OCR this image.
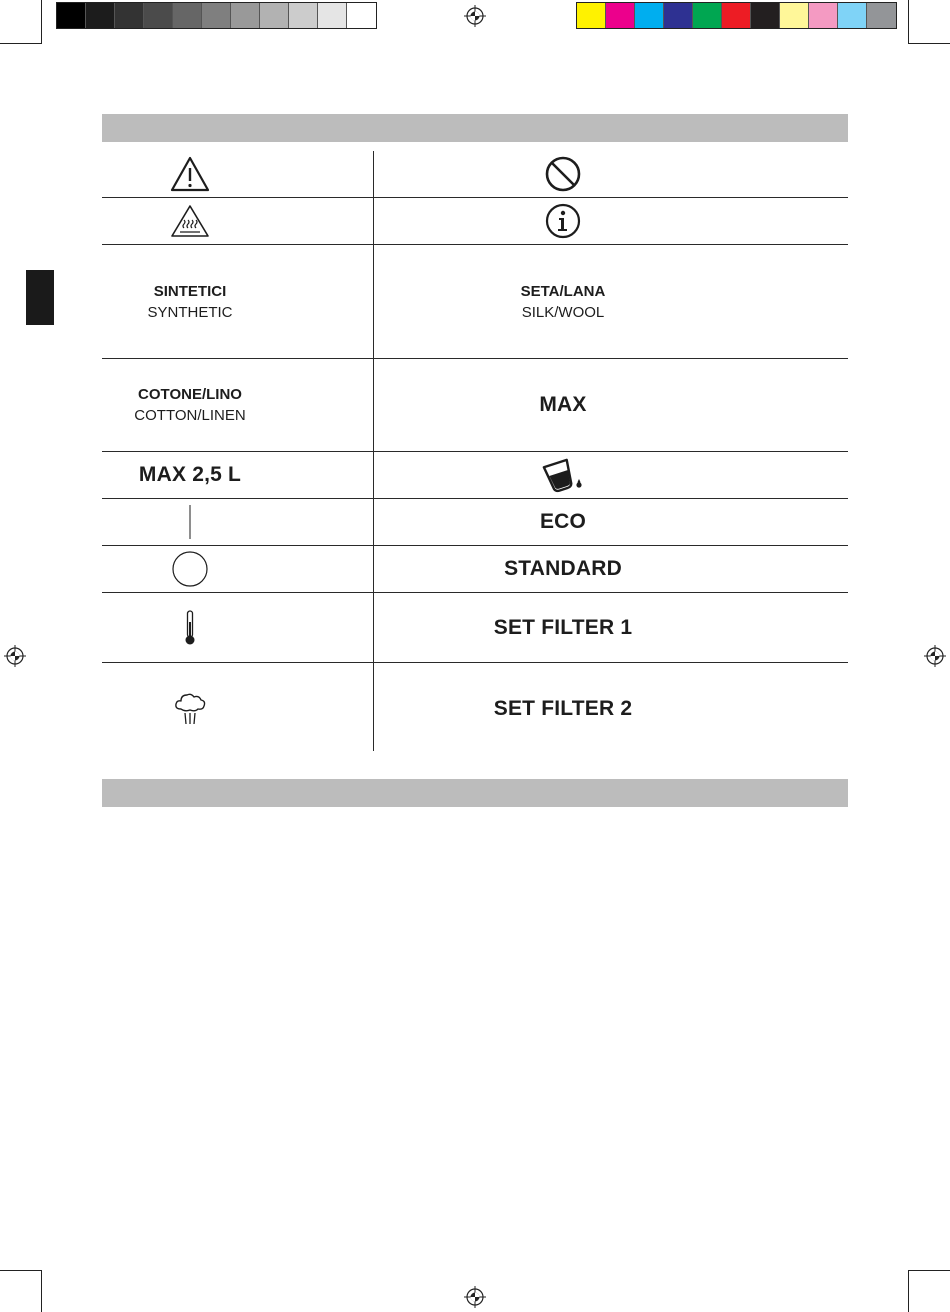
SINTETICI
SYNTHETIC
SETA/LANA
SILK/WOOL
COTONE/LINO
COTTON/LINEN	MAX
MAX 2,5 L
ECO
STANDARD
SET FILTER 1
SET FILTER 2
